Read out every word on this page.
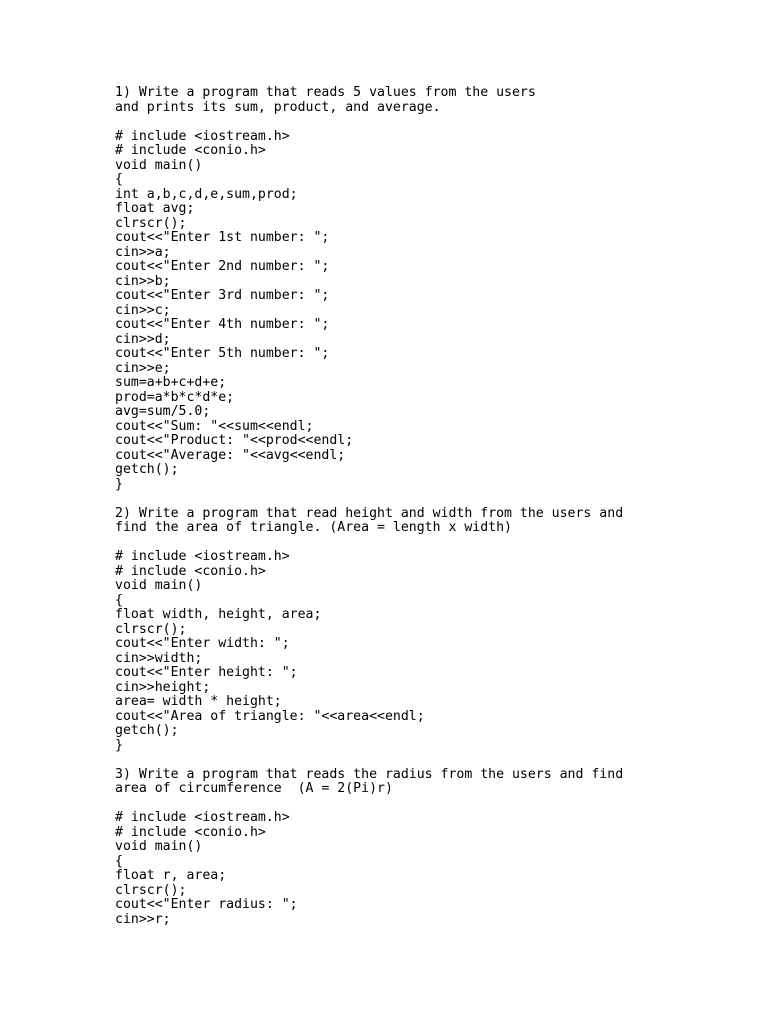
1) Write a program that reads 5 values from the users
and prints its sum, product, and average.
# include <iostream.h>
# include <conio.h>
void main()
{
int a,b,c,d,e,sum,prod;
float avg;
clrscr();
cout<<"Enter 1st number: ";
cin>>a;
cout<<"Enter 2nd number: ";
cin>>b;
cout<<"Enter 3rd number: ";
cin>>c;
cout<<"Enter 4th number: ";
cin>>d;
cout<<"Enter 5th number: ";
cin>>e;
sum=a+b+c+d+e;
prod=a*b*c*d*e;
avg=sum/5.0;
cout<<"Sum: "<<sum<<endl;
cout<<"Product: "<<prod<<endl;
cout<<"Average: "<<avg<<endl;
getch();
}
2) Write a program that read height and width from the users and
find the area of triangle. (Area = length x width)
# include <iostream.h>
# include <conio.h>
void main()
{
float width, height, area;
clrscr();
cout<<"Enter width: ";
cin>>width;
cout<<"Enter height: ";
cin>>height;
area= width * height;
cout<<"Area of triangle: "<<area<<endl;
getch();
}
3) Write a program that reads the radius from the users and find
area of circumference  (A = 2(Pi)r)
# include <iostream.h>
# include <conio.h>
void main()
{
float r, area;
clrscr();
cout<<"Enter radius: ";
cin>>r;
